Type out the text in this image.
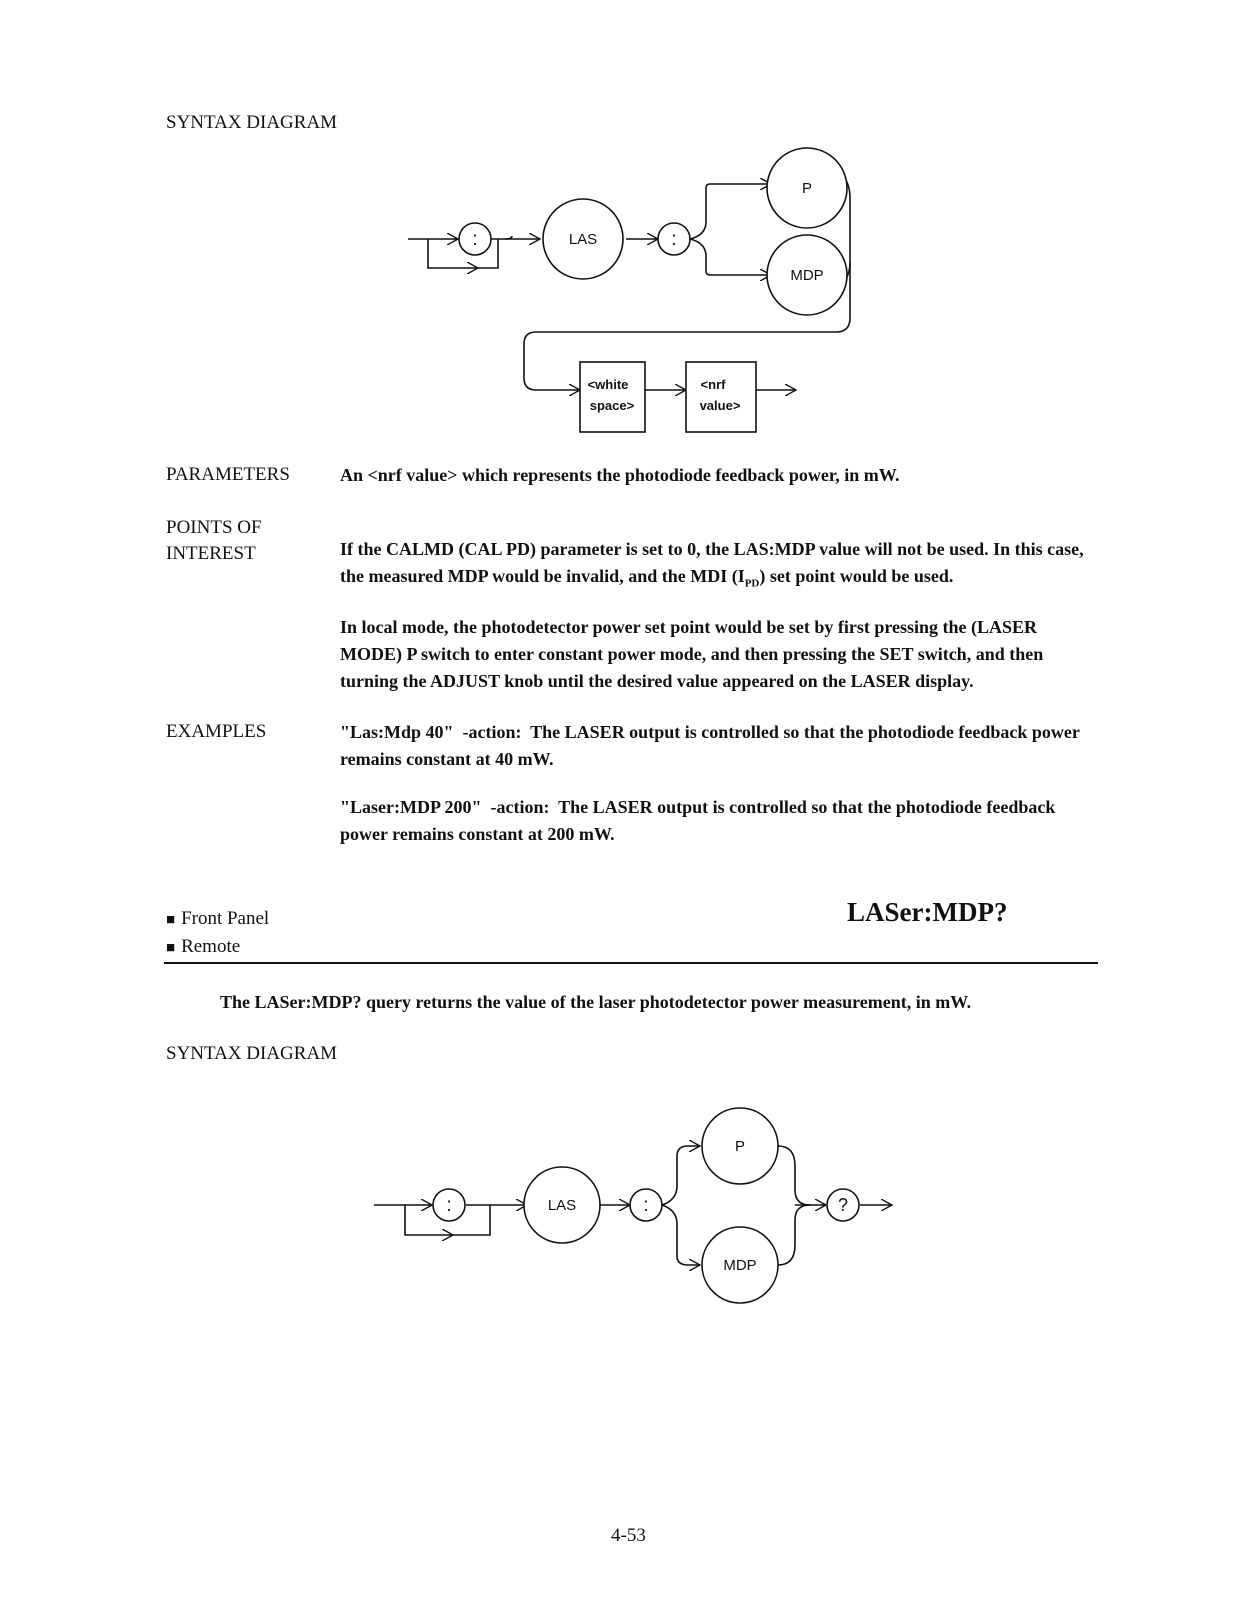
SYNTAX DIAGRAM
:	LAS	:
P
MDP
<white
space>
<nrf
value>
PARAMETERS	An <nrf value> which represents the photodiode feedback power, in mW.
POINTS OF
INTEREST	If the CALMD (CAL PD) parameter is set to 0, the LAS:MDP value will not be used. In this case, the measured MDP would be invalid, and the MDI $(I_{PD})$ set point would be used.
In local mode, the photodetector power set point would be set by first pressing the (LASER MODE) P switch to enter constant power mode, and then pressing the SET switch, and then turning the ADJUST knob until the desired value appeared on the LASER display.
EXAMPLES	"Las:Mdp 40"  -action:  The LASER output is controlled so that the photodiode feedback power remains constant at 40 mW.
"Laser:MDP 200"  -action:  The LASER output is controlled so that the photodiode feedback power remains constant at 200 mW.
■ Front Panel
■ Remote
LASer:MDP?
The LASer:MDP? query returns the value of the laser photodetector power measurement, in mW.
SYNTAX DIAGRAM
:	LAS	:
P
MDP
?
4-53
